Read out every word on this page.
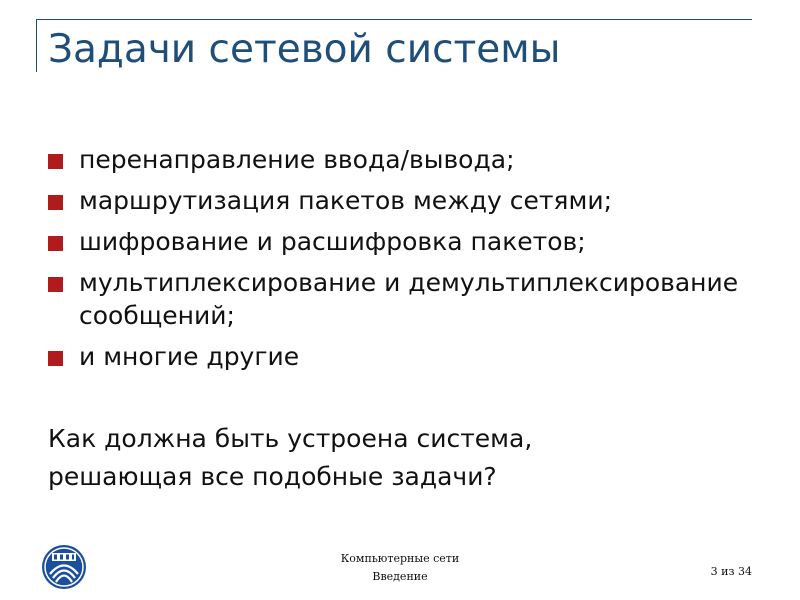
Задачи сетевой системы
перенаправление ввода/вывода;
маршрутизация пакетов между сетями;
шифрование и расшифровка пакетов;
мультиплексирование и демультиплексирование сообщений;
и многие другие
Как должна быть устроена система,
решающая все подобные задачи?
Компьютерные сети
Введение	3 из 34
